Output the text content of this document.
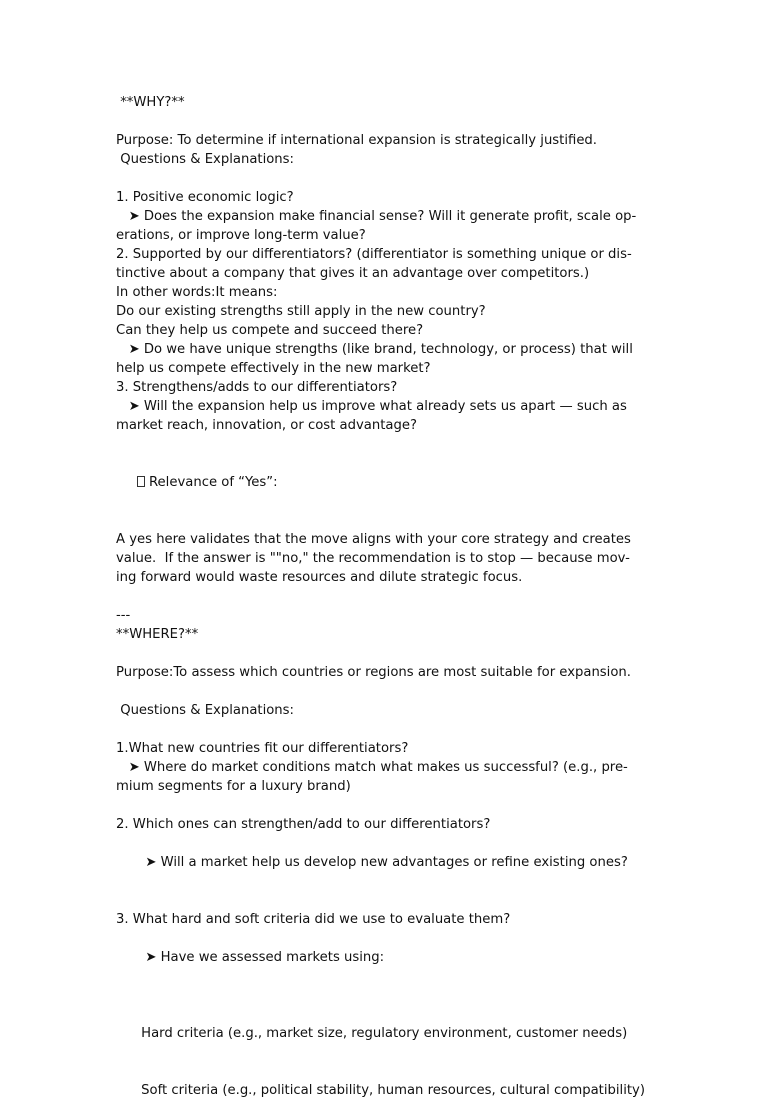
**WHY?**
Purpose: To determine if international expansion is strategically justified.
Questions & Explanations:
1. Positive economic logic?
➤ Does the expansion make financial sense? Will it generate profit, scale op-
erations, or improve long-term value?
2. Supported by our differentiators? (differentiator is something unique or dis-
tinctive about a company that gives it an advantage over competitors.)
In other words:It means:
Do our existing strengths still apply in the new country?
Can they help us compete and succeed there?
➤ Do we have unique strengths (like brand, technology, or process) that will
help us compete effectively in the new market?
3. Strengthens/adds to our differentiators?
➤ Will the expansion help us improve what already sets us apart — such as
market reach, innovation, or cost advantage?

Relevance of “Yes”:

A yes here validates that the move aligns with your core strategy and creates
value.  If the answer is ""no," the recommendation is to stop — because mov-
ing forward would waste resources and dilute strategic focus.
---
**WHERE?**
Purpose:To assess which countries or regions are most suitable for expansion.
Questions & Explanations:
1.What new countries fit our differentiators?
➤ Where do market conditions match what makes us successful? (e.g., pre-
mium segments for a luxury brand)
2. Which ones can strengthen/add to our differentiators?

➤ Will a market help us develop new advantages or refine existing ones?

3. What hard and soft criteria did we use to evaluate them?

➤ Have we assessed markets using:

Hard criteria (e.g., market size, regulatory environment, customer needs)

Soft criteria (e.g., political stability, human resources, cultural compatibility)
